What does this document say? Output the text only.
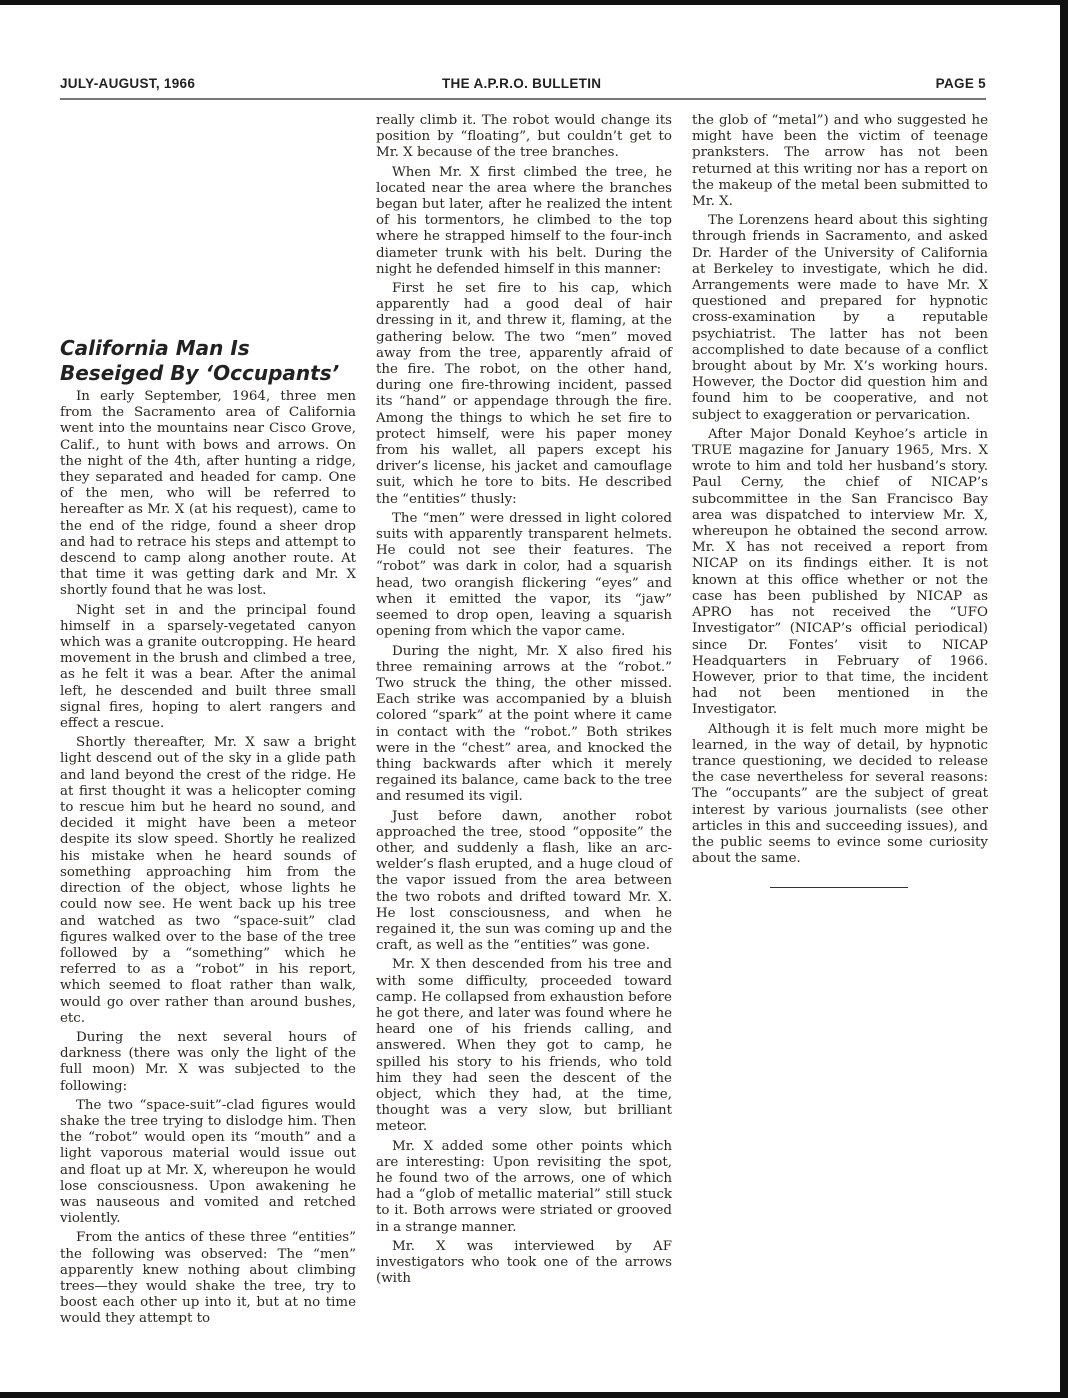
JULY-AUGUST, 1966	THE A.P.R.O. BULLETIN	PAGE 5
California Man Is
Beseiged By ‘Occupants’

In early September, 1964, three men from the Sacramento area of California went into the mountains near Cisco Grove, Calif., to hunt with bows and arrows. On the night of the 4th, after hunting a ridge, they separated and headed for camp. One of the men, who will be referred to hereafter as Mr. X (at his request), came to the end of the ridge, found a sheer drop and had to retrace his steps and attempt to descend to camp along another route. At that time it was getting dark and Mr. X shortly found that he was lost.

Night set in and the principal found himself in a sparsely-vegetated canyon which was a granite outcropping. He heard movement in the brush and climbed a tree, as he felt it was a bear. After the animal left, he descended and built three small signal fires, hoping to alert rangers and effect a rescue.

Shortly thereafter, Mr. X saw a bright light descend out of the sky in a glide path and land beyond the crest of the ridge. He at first thought it was a helicopter coming to rescue him but he heard no sound, and decided it might have been a meteor despite its slow speed. Shortly he realized his mistake when he heard sounds of something approaching him from the direction of the object, whose lights he could now see. He went back up his tree and watched as two “space-suit” clad figures walked over to the base of the tree followed by a “something” which he referred to as a “robot” in his report, which seemed to float rather than walk, would go over rather than around bushes, etc.

During the next several hours of darkness (there was only the light of the full moon) Mr. X was subjected to the following:

The two “space-suit”-clad figures would shake the tree trying to dislodge him. Then the “robot” would open its “mouth” and a light vaporous material would issue out and float up at Mr. X, whereupon he would lose consciousness. Upon awakening he was nauseous and vomited and retched violently.

From the antics of these three “entities” the following was observed: The “men” apparently knew nothing about climbing trees—they would shake the tree, try to boost each other up into it, but at no time would they attempt to

really climb it. The robot would change its position by “floating”, but couldn’t get to Mr. X because of the tree branches.

When Mr. X first climbed the tree, he located near the area where the branches began but later, after he realized the intent of his tormentors, he climbed to the top where he strapped himself to the four-inch diameter trunk with his belt. During the night he defended himself in this manner:

First he set fire to his cap, which apparently had a good deal of hair dressing in it, and threw it, flaming, at the gathering below. The two “men” moved away from the tree, apparently afraid of the fire. The robot, on the other hand, during one fire-throwing incident, passed its “hand” or appendage through the fire. Among the things to which he set fire to protect himself, were his paper money from his wallet, all papers except his driver’s license, his jacket and camouflage suit, which he tore to bits. He described the “entities” thusly:

The “men” were dressed in light colored suits with apparently transparent helmets. He could not see their features. The “robot” was dark in color, had a squarish head, two orangish flickering “eyes” and when it emitted the vapor, its “jaw” seemed to drop open, leaving a squarish opening from which the vapor came.

During the night, Mr. X also fired his three remaining arrows at the “robot.” Two struck the thing, the other missed. Each strike was accompanied by a bluish colored “spark” at the point where it came in contact with the “robot.” Both strikes were in the “chest” area, and knocked the thing backwards after which it merely regained its balance, came back to the tree and resumed its vigil.

Just before dawn, another robot approached the tree, stood “opposite” the other, and suddenly a flash, like an arc-welder’s flash erupted, and a huge cloud of the vapor issued from the area between the two robots and drifted toward Mr. X. He lost consciousness, and when he regained it, the sun was coming up and the craft, as well as the “entities” was gone.

Mr. X then descended from his tree and with some difficulty, proceeded toward camp. He collapsed from exhaustion before he got there, and later was found where he heard one of his friends calling, and answered. When they got to camp, he spilled his story to his friends, who told him they had seen the descent of the object, which they had, at the time, thought was a very slow, but brilliant meteor.

Mr. X added some other points which are interesting: Upon revisiting the spot, he found two of the arrows, one of which had a “glob of metallic material” still stuck to it. Both arrows were striated or grooved in a strange manner.

Mr. X was interviewed by AF investigators who took one of the arrows (with

the glob of “metal”) and who suggested he might have been the victim of teenage pranksters. The arrow has not been returned at this writing nor has a report on the makeup of the metal been submitted to Mr. X.

The Lorenzens heard about this sighting through friends in Sacramento, and asked Dr. Harder of the University of California at Berkeley to investigate, which he did. Arrangements were made to have Mr. X questioned and prepared for hypnotic cross-examination by a reputable psychiatrist. The latter has not been accomplished to date because of a conflict brought about by Mr. X’s working hours. However, the Doctor did question him and found him to be cooperative, and not subject to exaggeration or pervarication.

After Major Donald Keyhoe’s article in TRUE magazine for January 1965, Mrs. X wrote to him and told her husband’s story. Paul Cerny, the chief of NICAP’s subcommittee in the San Francisco Bay area was dispatched to interview Mr. X, whereupon he obtained the second arrow. Mr. X has not received a report from NICAP on its findings either. It is not known at this office whether or not the case has been published by NICAP as APRO has not received the “UFO Investigator” (NICAP’s official periodical) since Dr. Fontes’ visit to NICAP Headquarters in February of 1966. However, prior to that time, the incident had not been mentioned in the Investigator.

Although it is felt much more might be learned, in the way of detail, by hypnotic trance questioning, we decided to release the case nevertheless for several reasons: The “occupants” are the subject of great interest by various journalists (see other articles in this and succeeding issues), and the public seems to evince some curiosity about the same.
